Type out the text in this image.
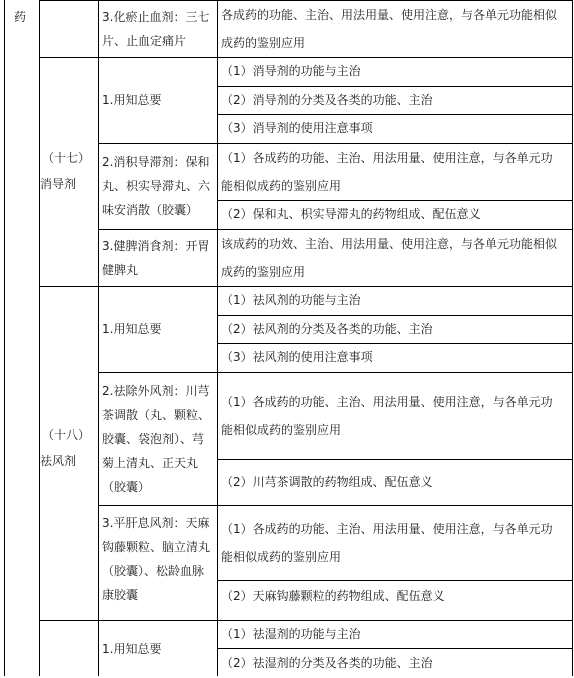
药	3.化瘀止血剂：三七
片、止血定痛片
各成药的功能、主治、用法用量、使用注意，与各单元功能相似
成药的鉴别应用
1.用知总要
（1）消导剂的功能与主治
（2）消导剂的分类及各类的功能、主治
（3）消导剂的使用注意事项
2.消积导滞剂：保和
丸、枳实导滞丸、六
味安消散（胶囊）
（1）各成药的功能、主治、用法用量、使用注意，与各单元功
能相似成药的鉴别应用
（2）保和丸、枳实导滞丸的药物组成、配伍意义
3.健脾消食剂：开胃
健脾丸
该成药的功效、主治、用法用量、使用注意，与各单元功能相似
成药的鉴别应用
（十七）
消导剂
1.用知总要
（1）祛风剂的功能与主治
（2）祛风剂的分类及各类的功能、主治
（3）祛风剂的使用注意事项
2.祛除外风剂：川芎
茶调散（丸、颗粒、
胶囊、袋泡剂）、芎
菊上清丸、正天丸
（胶囊）
（1）各成药的功能、主治、用法用量、使用注意，与各单元功
能相似成药的鉴别应用
（2）川芎茶调散的药物组成、配伍意义
3.平肝息风剂：天麻
钩藤颗粒、脑立清丸
（胶囊）、松龄血脉
康胶囊
（1）各成药的功能、主治、用法用量、使用注意，与各单元功
能相似成药的鉴别应用
（2）天麻钩藤颗粒的药物组成、配伍意义
（十八）
祛风剂
1.用知总要
（1）祛湿剂的功能与主治
（2）祛湿剂的分类及各类的功能、主治
